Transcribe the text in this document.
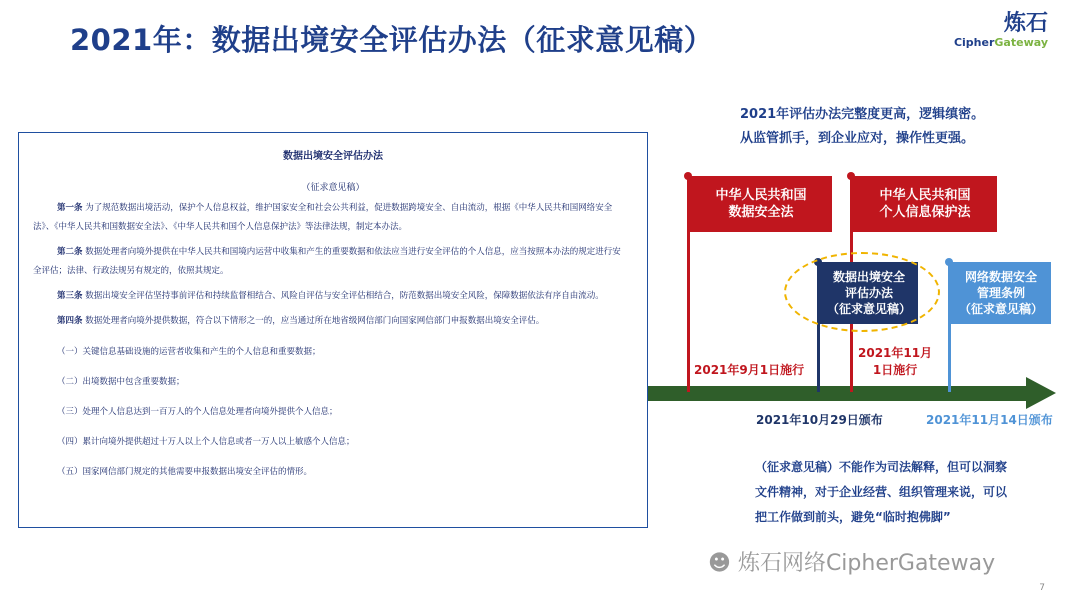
2021年：数据出境安全评估办法（征求意见稿）	炼石
CipherGateway
数据出境安全评估办法
（征求意见稿）
第一条 为了规范数据出境活动，保护个人信息权益，维护国家安全和社会公共利益，促进数据跨境安全、自由流动，根据《中华人民共和国网络安全法》、《中华人民共和国数据安全法》、《中华人民共和国个人信息保护法》等法律法规，制定本办法。
第二条 数据处理者向境外提供在中华人民共和国境内运营中收集和产生的重要数据和依法应当进行安全评估的个人信息，应当按照本办法的规定进行安全评估；法律、行政法规另有规定的，依照其规定。
第三条 数据出境安全评估坚持事前评估和持续监督相结合、风险自评估与安全评估相结合，防范数据出境安全风险，保障数据依法有序自由流动。
第四条 数据处理者向境外提供数据，符合以下情形之一的，应当通过所在地省级网信部门向国家网信部门申报数据出境安全评估。
（一）关键信息基础设施的运营者收集和产生的个人信息和重要数据；
（二）出境数据中包含重要数据；
（三）处理个人信息达到一百万人的个人信息处理者向境外提供个人信息；
（四）累计向境外提供超过十万人以上个人信息或者一万人以上敏感个人信息；
（五）国家网信部门规定的其他需要申报数据出境安全评估的情形。
2021年评估办法完整度更高，逻辑缜密。
从监管抓手，到企业应对，操作性更强。
中华人民共和国
数据安全法
中华人民共和国
个人信息保护法
数据出境安全
评估办法
（征求意见稿）
网络数据安全
管理条例
（征求意见稿）
2021年9月1日施行
2021年11月
1日施行
2021年10月29日颁布	2021年11月14日颁布
（征求意见稿）不能作为司法解释，但可以洞察文件精神，对于企业经营、组织管理来说，可以把工作做到前头，避免“临时抱佛脚”
☻ 炼石网络CipherGateway
7
